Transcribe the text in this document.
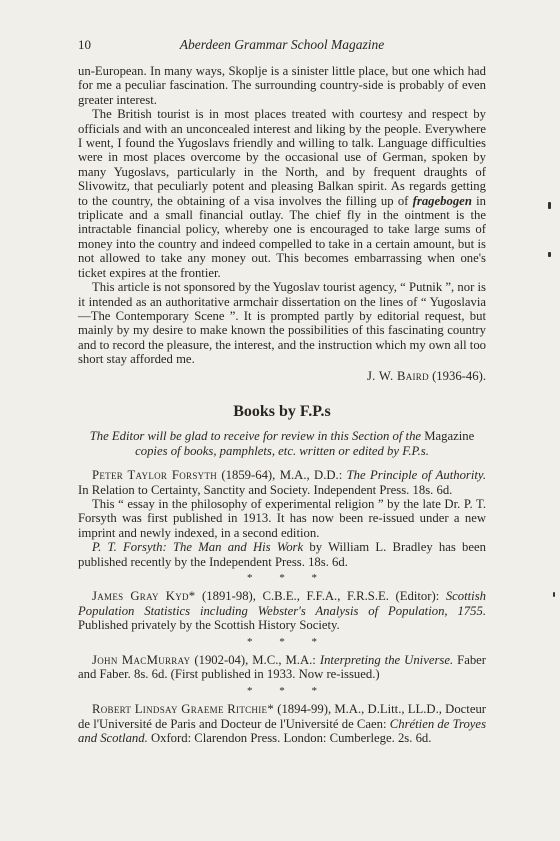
10	Aberdeen Grammar School Magazine

un-European. In many ways, Skoplje is a sinister little place, but one which had for me a peculiar fascination. The surrounding country-side is probably of even greater interest.

The British tourist is in most places treated with courtesy and respect by officials and with an unconcealed interest and liking by the people. Everywhere I went, I found the Yugoslavs friendly and willing to talk. Language difficulties were in most places overcome by the occasional use of German, spoken by many Yugoslavs, particularly in the North, and by frequent draughts of Slivowitz, that peculiarly potent and pleasing Balkan spirit. As regards getting to the country, the obtaining of a visa involves the filling up of fragebogen in triplicate and a small financial outlay. The chief fly in the ointment is the intractable financial policy, whereby one is encouraged to take large sums of money into the country and indeed compelled to take in a certain amount, but is not allowed to take any money out. This becomes embarrassing when one's ticket expires at the frontier.

This article is not sponsored by the Yugoslav tourist agency, “ Putnik ”, nor is it intended as an authoritative armchair dissertation on the lines of “ Yugoslavia—The Contemporary Scene ”. It is prompted partly by editorial request, but mainly by my desire to make known the possibilities of this fascinating country and to record the pleasure, the interest, and the instruction which my own all too short stay afforded me.

J. W. Baird (1936-46).

Books by F.P.s

The Editor will be glad to receive for review in this Section of the Magazine copies of books, pamphlets, etc. written or edited by F.P.s.

Peter Taylor Forsyth (1859-64), M.A., D.D.: The Principle of Authority. In Relation to Certainty, Sanctity and Society. Independent Press. 18s. 6d.

This “ essay in the philosophy of experimental religion ” by the late Dr. P. T. Forsyth was first published in 1913. It has now been re-issued under a new imprint and newly indexed, in a second edition.

P. T. Forsyth: The Man and His Work by William L. Bradley has been published recently by the Independent Press. 18s. 6d.

* * *

James Gray Kyd* (1891-98), C.B.E., F.F.A., F.R.S.E. (Editor): Scottish Population Statistics including Webster's Analysis of Population, 1755. Published privately by the Scottish History Society.

* * *

John MacMurray (1902-04), M.C., M.A.: Interpreting the Universe. Faber and Faber. 8s. 6d. (First published in 1933. Now re-issued.)

* * *

Robert Lindsay Graeme Ritchie* (1894-99), M.A., D.Litt., LL.D., Docteur de l'Université de Paris and Docteur de l'Université de Caen: Chrétien de Troyes and Scotland. Oxford: Clarendon Press. London: Cumberlege. 2s. 6d.
